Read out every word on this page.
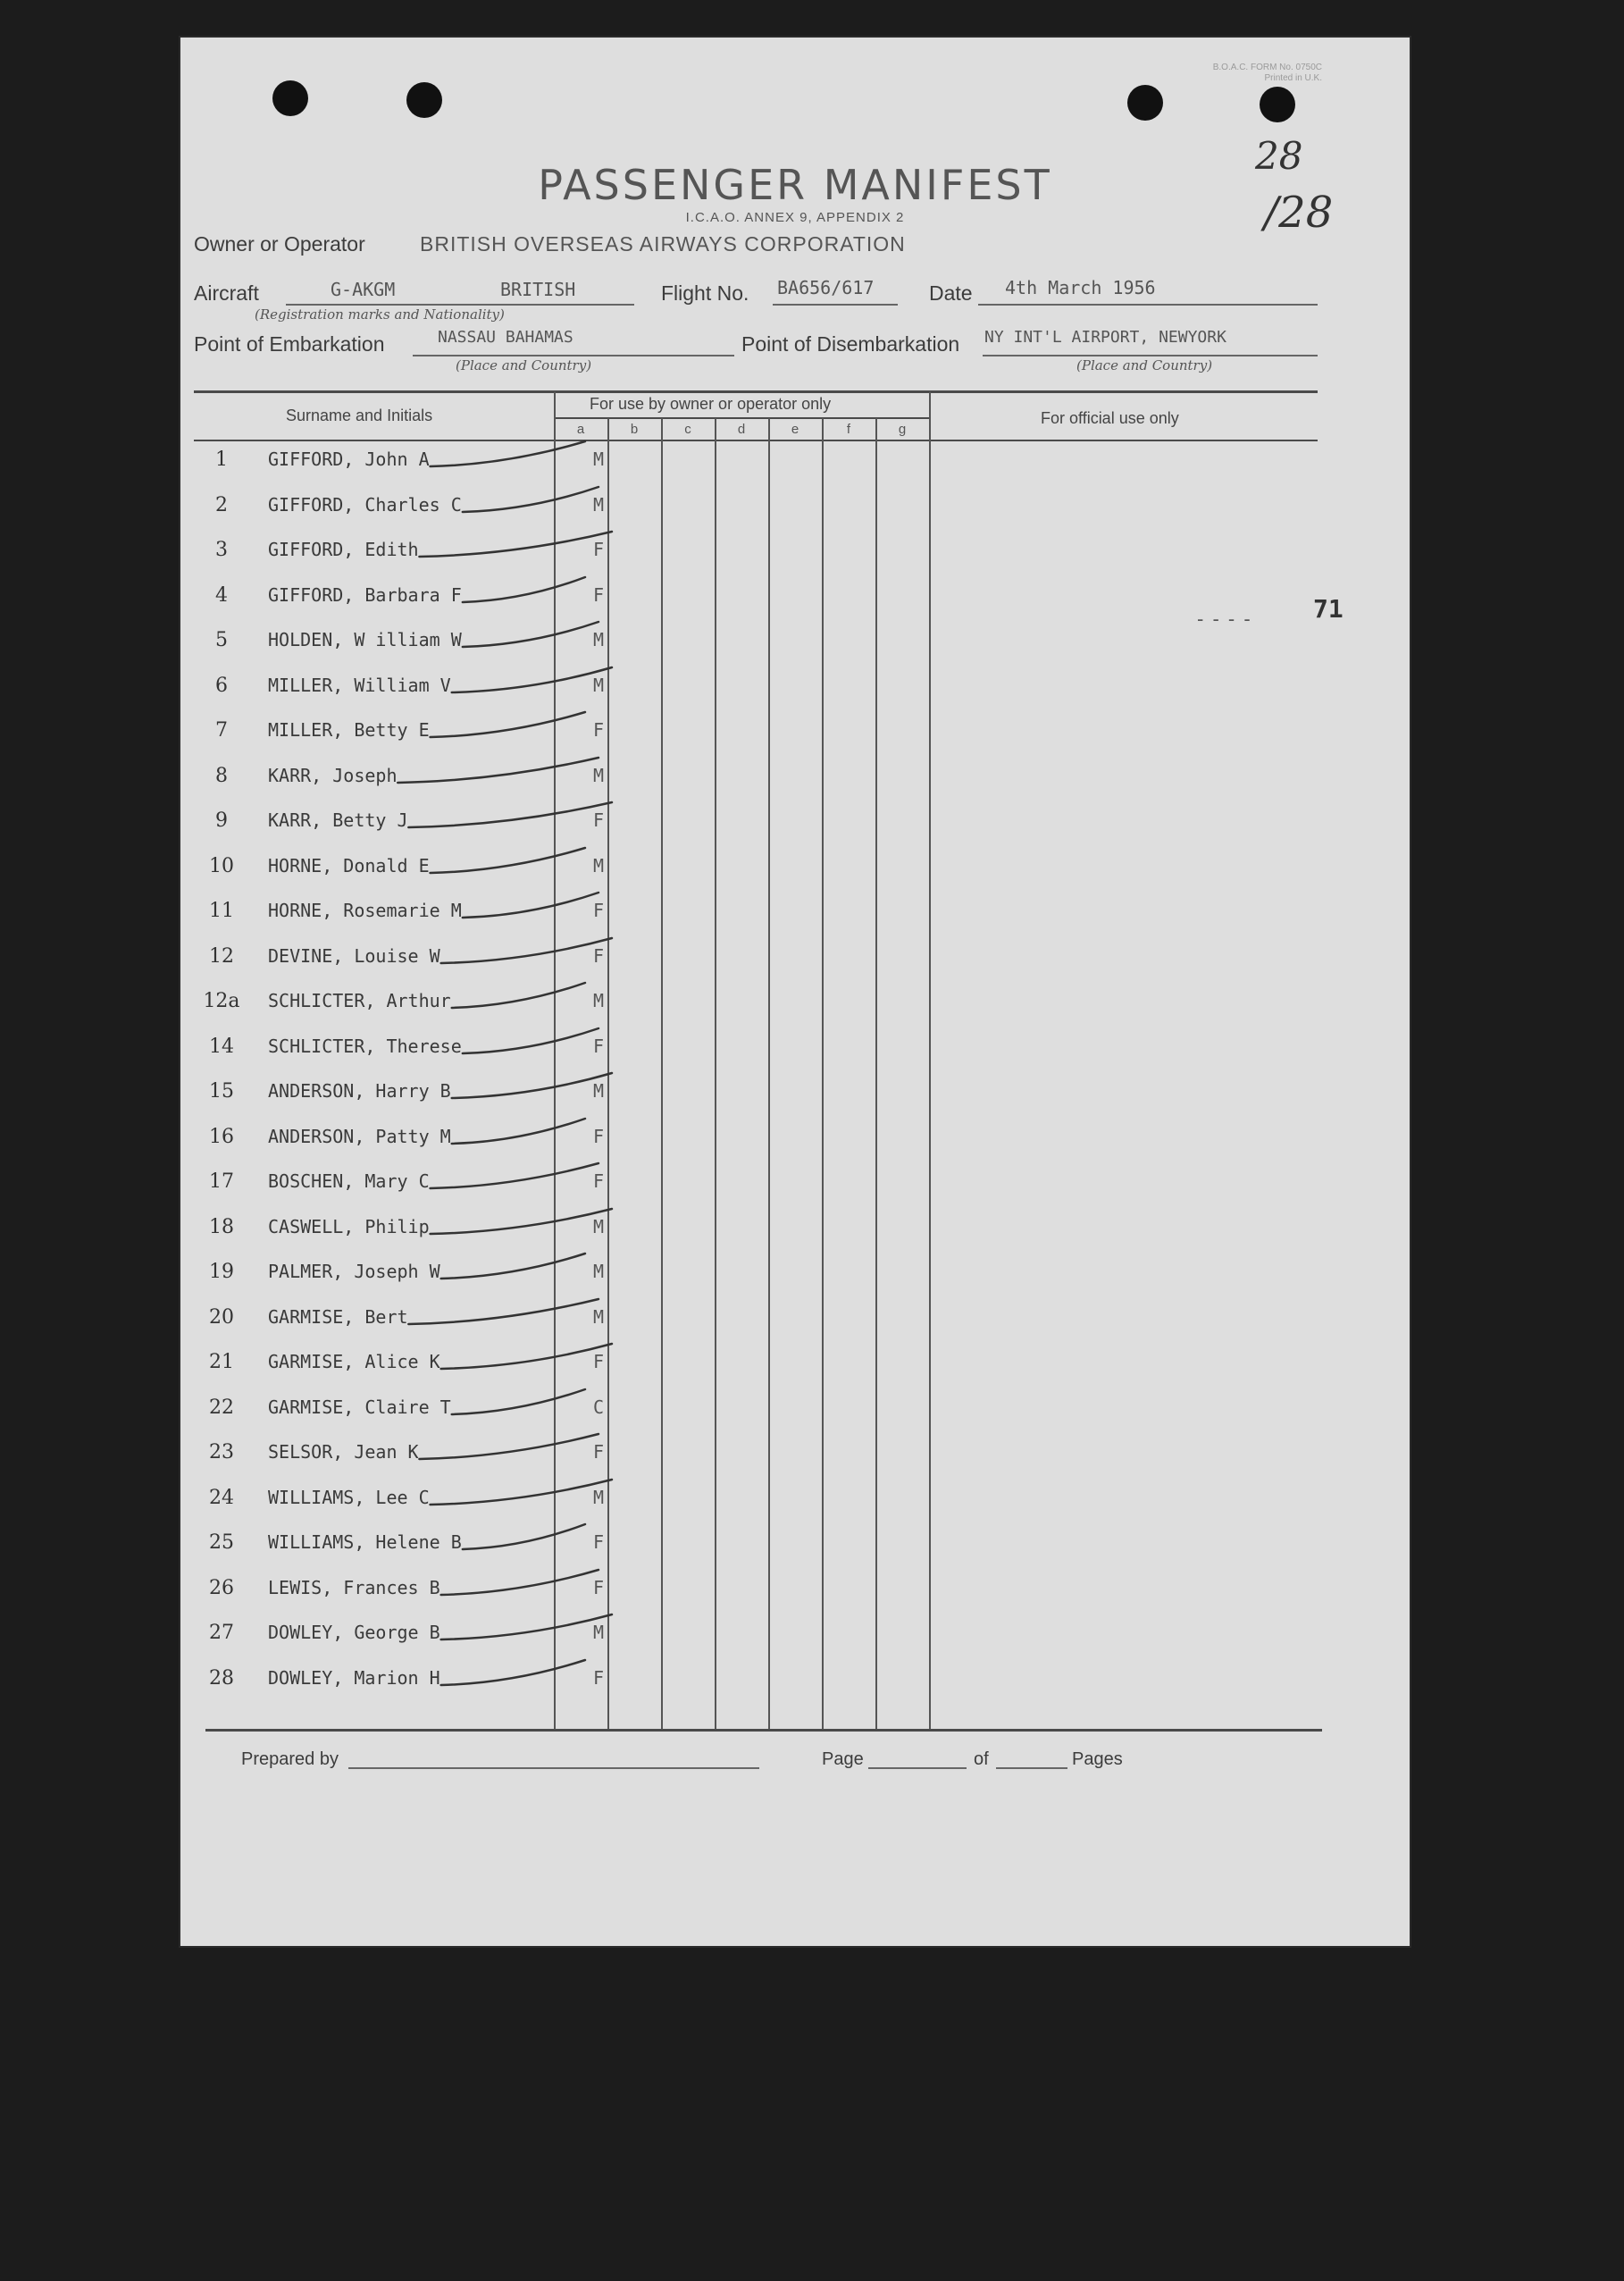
B.O.A.C. FORM No. 0750C
Printed in U.K.
28
/28
PASSENGER MANIFEST
I.C.A.O. ANNEX 9, APPENDIX 2
Owner or Operator	BRITISH OVERSEAS AIRWAYS CORPORATION
Aircraft	G-AKGM	BRITISH
(Registration marks and Nationality)
Flight No. BA656/617	Date 4th March 1956
Point of Embarkation	NASSAU BAHAMAS
(Place and Country)
Point of Disembarkation NY INT'L AIRPORT, NEWYORK
(Place and Country)
Surname and Initials
For use by owner or operator only
For official use only
a	b	c	d	e	f	g
1	GIFFORD, John A	M
2	GIFFORD, Charles C	M
3	GIFFORD, Edith	F
4	GIFFORD, Barbara F	F
5	HOLDEN, W illiam W	M
6	MILLER, William V	M
7	MILLER, Betty E	F
8	KARR, Joseph	M
9	KARR, Betty J	F
10	HORNE, Donald E	M
11	HORNE, Rosemarie M	F
12	DEVINE, Louise W	F
12a	SCHLICTER, Arthur	M
14	SCHLICTER, Therese	F
15	ANDERSON, Harry B	M
16	ANDERSON, Patty M	F
17	BOSCHEN, Mary C	F
18	CASWELL, Philip	M
19	PALMER, Joseph W	M
20	GARMISE, Bert	M
21	GARMISE, Alice K	F
22	GARMISE, Claire T	C
23	SELSOR, Jean K	F
24	WILLIAMS, Lee C	M
25	WILLIAMS, Helene B	F
26	LEWIS, Frances B	F
27	DOWLEY, George B	M
28	DOWLEY, Marion H	F
- - - - 71
Prepared by	Page	of	Pages
